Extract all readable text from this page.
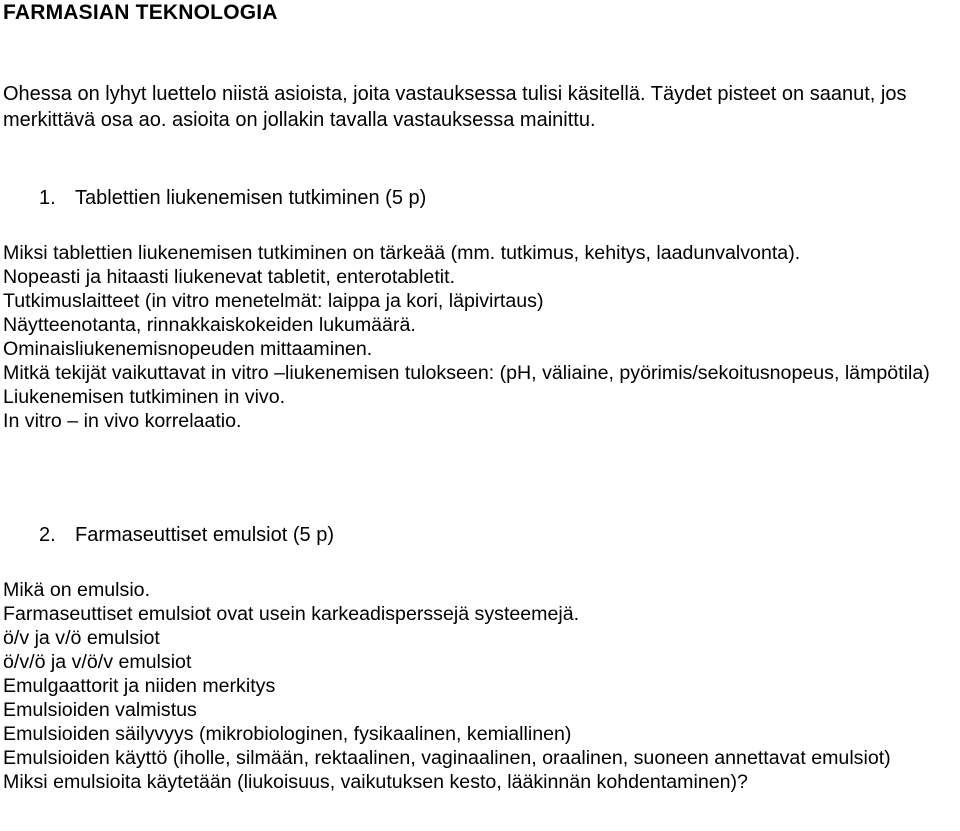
FARMASIAN TEKNOLOGIA

Ohessa on lyhyt luettelo niistä asioista, joita vastauksessa tulisi käsitellä. Täydet pisteet on saanut, jos merkittävä osa ao. asioita on jollakin tavalla vastauksessa mainittu.

1. Tablettien liukenemisen tutkiminen (5 p)
Miksi tablettien liukenemisen tutkiminen on tärkeää (mm. tutkimus, kehitys, laadunvalvonta).
Nopeasti ja hitaasti liukenevat tabletit, enterotabletit.
Tutkimuslaitteet (in vitro menetelmät: laippa ja kori, läpivirtaus)
Näytteenotanta, rinnakkaiskokeiden lukumäärä.
Ominaisliukenemisnopeuden mittaaminen.
Mitkä tekijät vaikuttavat in vitro –liukenemisen tulokseen: (pH, väliaine, pyörimis/sekoitusnopeus, lämpötila)
Liukenemisen tutkiminen in vivo.
In vitro – in vivo korrelaatio.
2. Farmaseuttiset emulsiot (5 p)
Mikä on emulsio.
Farmaseuttiset emulsiot ovat usein karkeadisperssejä systeemejä.
ö/v ja v/ö emulsiot
ö/v/ö ja v/ö/v emulsiot
Emulgaattorit ja niiden merkitys
Emulsioiden valmistus
Emulsioiden säilyvyys (mikrobiologinen, fysikaalinen, kemiallinen)
Emulsioiden käyttö (iholle, silmään, rektaalinen, vaginaalinen, oraalinen, suoneen annettavat emulsiot)
Miksi emulsioita käytetään (liukoisuus, vaikutuksen kesto, lääkinnän kohdentaminen)?
